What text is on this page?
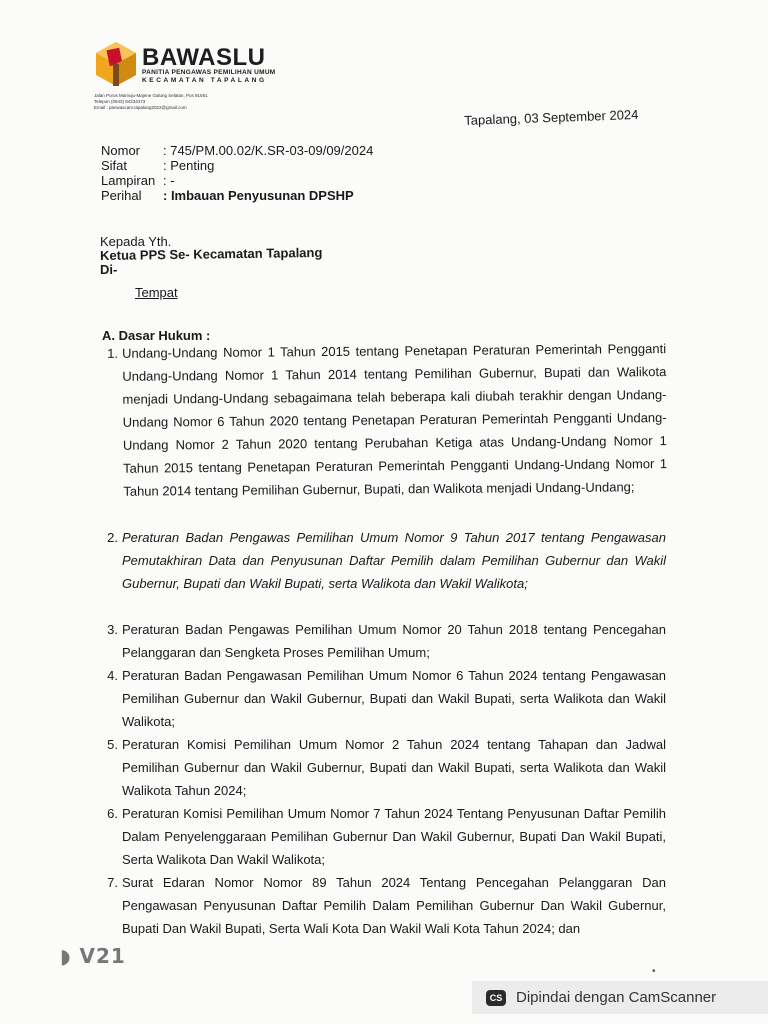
BAWASLU
PANITIA PENGAWAS PEMILIHAN UMUM
KECAMATAN TAPALANG
Jalan Poros Mamuju-Majene Galung Selatan, Pos 91561
Telepon (0843) 84234473
Email : panwascam.tapalang2022@gmail.com	Tapalang, 03 September 2024
Nomor : 745/PM.00.02/K.SR-03-09/09/2024
Sifat	: Penting
Lampiran : -
Perihal : Imbauan Penyusunan DPSHP
Kepada Yth.
Ketua PPS Se- Kecamatan Tapalang
Di-
Tempat
A. Dasar Hukum :
1. Undang-Undang Nomor 1 Tahun 2015 tentang Penetapan Peraturan Pemerintah Pengganti Undang-Undang Nomor 1 Tahun 2014 tentang Pemilihan Gubernur, Bupati dan Walikota menjadi Undang-Undang sebagaimana telah beberapa kali diubah terakhir dengan Undang-Undang Nomor 6 Tahun 2020 tentang Penetapan Peraturan Pemerintah Pengganti Undang-Undang Nomor 2 Tahun 2020 tentang Perubahan Ketiga atas Undang-Undang Nomor 1 Tahun 2015 tentang Penetapan Peraturan Pemerintah Pengganti Undang-Undang Nomor 1 Tahun 2014 tentang Pemilihan Gubernur, Bupati, dan Walikota menjadi Undang-Undang;
2. Peraturan Badan Pengawas Pemilihan Umum Nomor 9 Tahun 2017 tentang Pengawasan Pemutakhiran Data dan Penyusunan Daftar Pemilih dalam Pemilihan Gubernur dan Wakil Gubernur, Bupati dan Wakil Bupati, serta Walikota dan Wakil Walikota;
3. Peraturan Badan Pengawas Pemilihan Umum Nomor 20 Tahun 2018 tentang Pencegahan Pelanggaran dan Sengketa Proses Pemilihan Umum;
4. Peraturan Badan Pengawasan Pemilihan Umum Nomor 6 Tahun 2024 tentang Pengawasan Pemilihan Gubernur dan Wakil Gubernur, Bupati dan Wakil Bupati, serta Walikota dan Wakil Walikota;
5. Peraturan Komisi Pemilihan Umum Nomor 2 Tahun 2024 tentang Tahapan dan Jadwal Pemilihan Gubernur dan Wakil Gubernur, Bupati dan Wakil Bupati, serta Walikota dan Wakil Walikota Tahun 2024;
6. Peraturan Komisi Pemilihan Umum Nomor 7 Tahun 2024 Tentang Penyusunan Daftar Pemilih Dalam Penyelenggaraan Pemilihan Gubernur Dan Wakil Gubernur, Bupati Dan Wakil Bupati, Serta Walikota Dan Wakil Walikota;
7. Surat Edaran Nomor Nomor 89 Tahun 2024 Tentang Pencegahan Pelanggaran Dan Pengawasan Penyusunan Daftar Pemilih Dalam Pemilihan Gubernur Dan Wakil Gubernur, Bupati Dan Wakil Bupati, Serta Wali Kota Dan Wakil Wali Kota Tahun 2024; dan
◗ V21
•
CS Dipindai dengan CamScanner
